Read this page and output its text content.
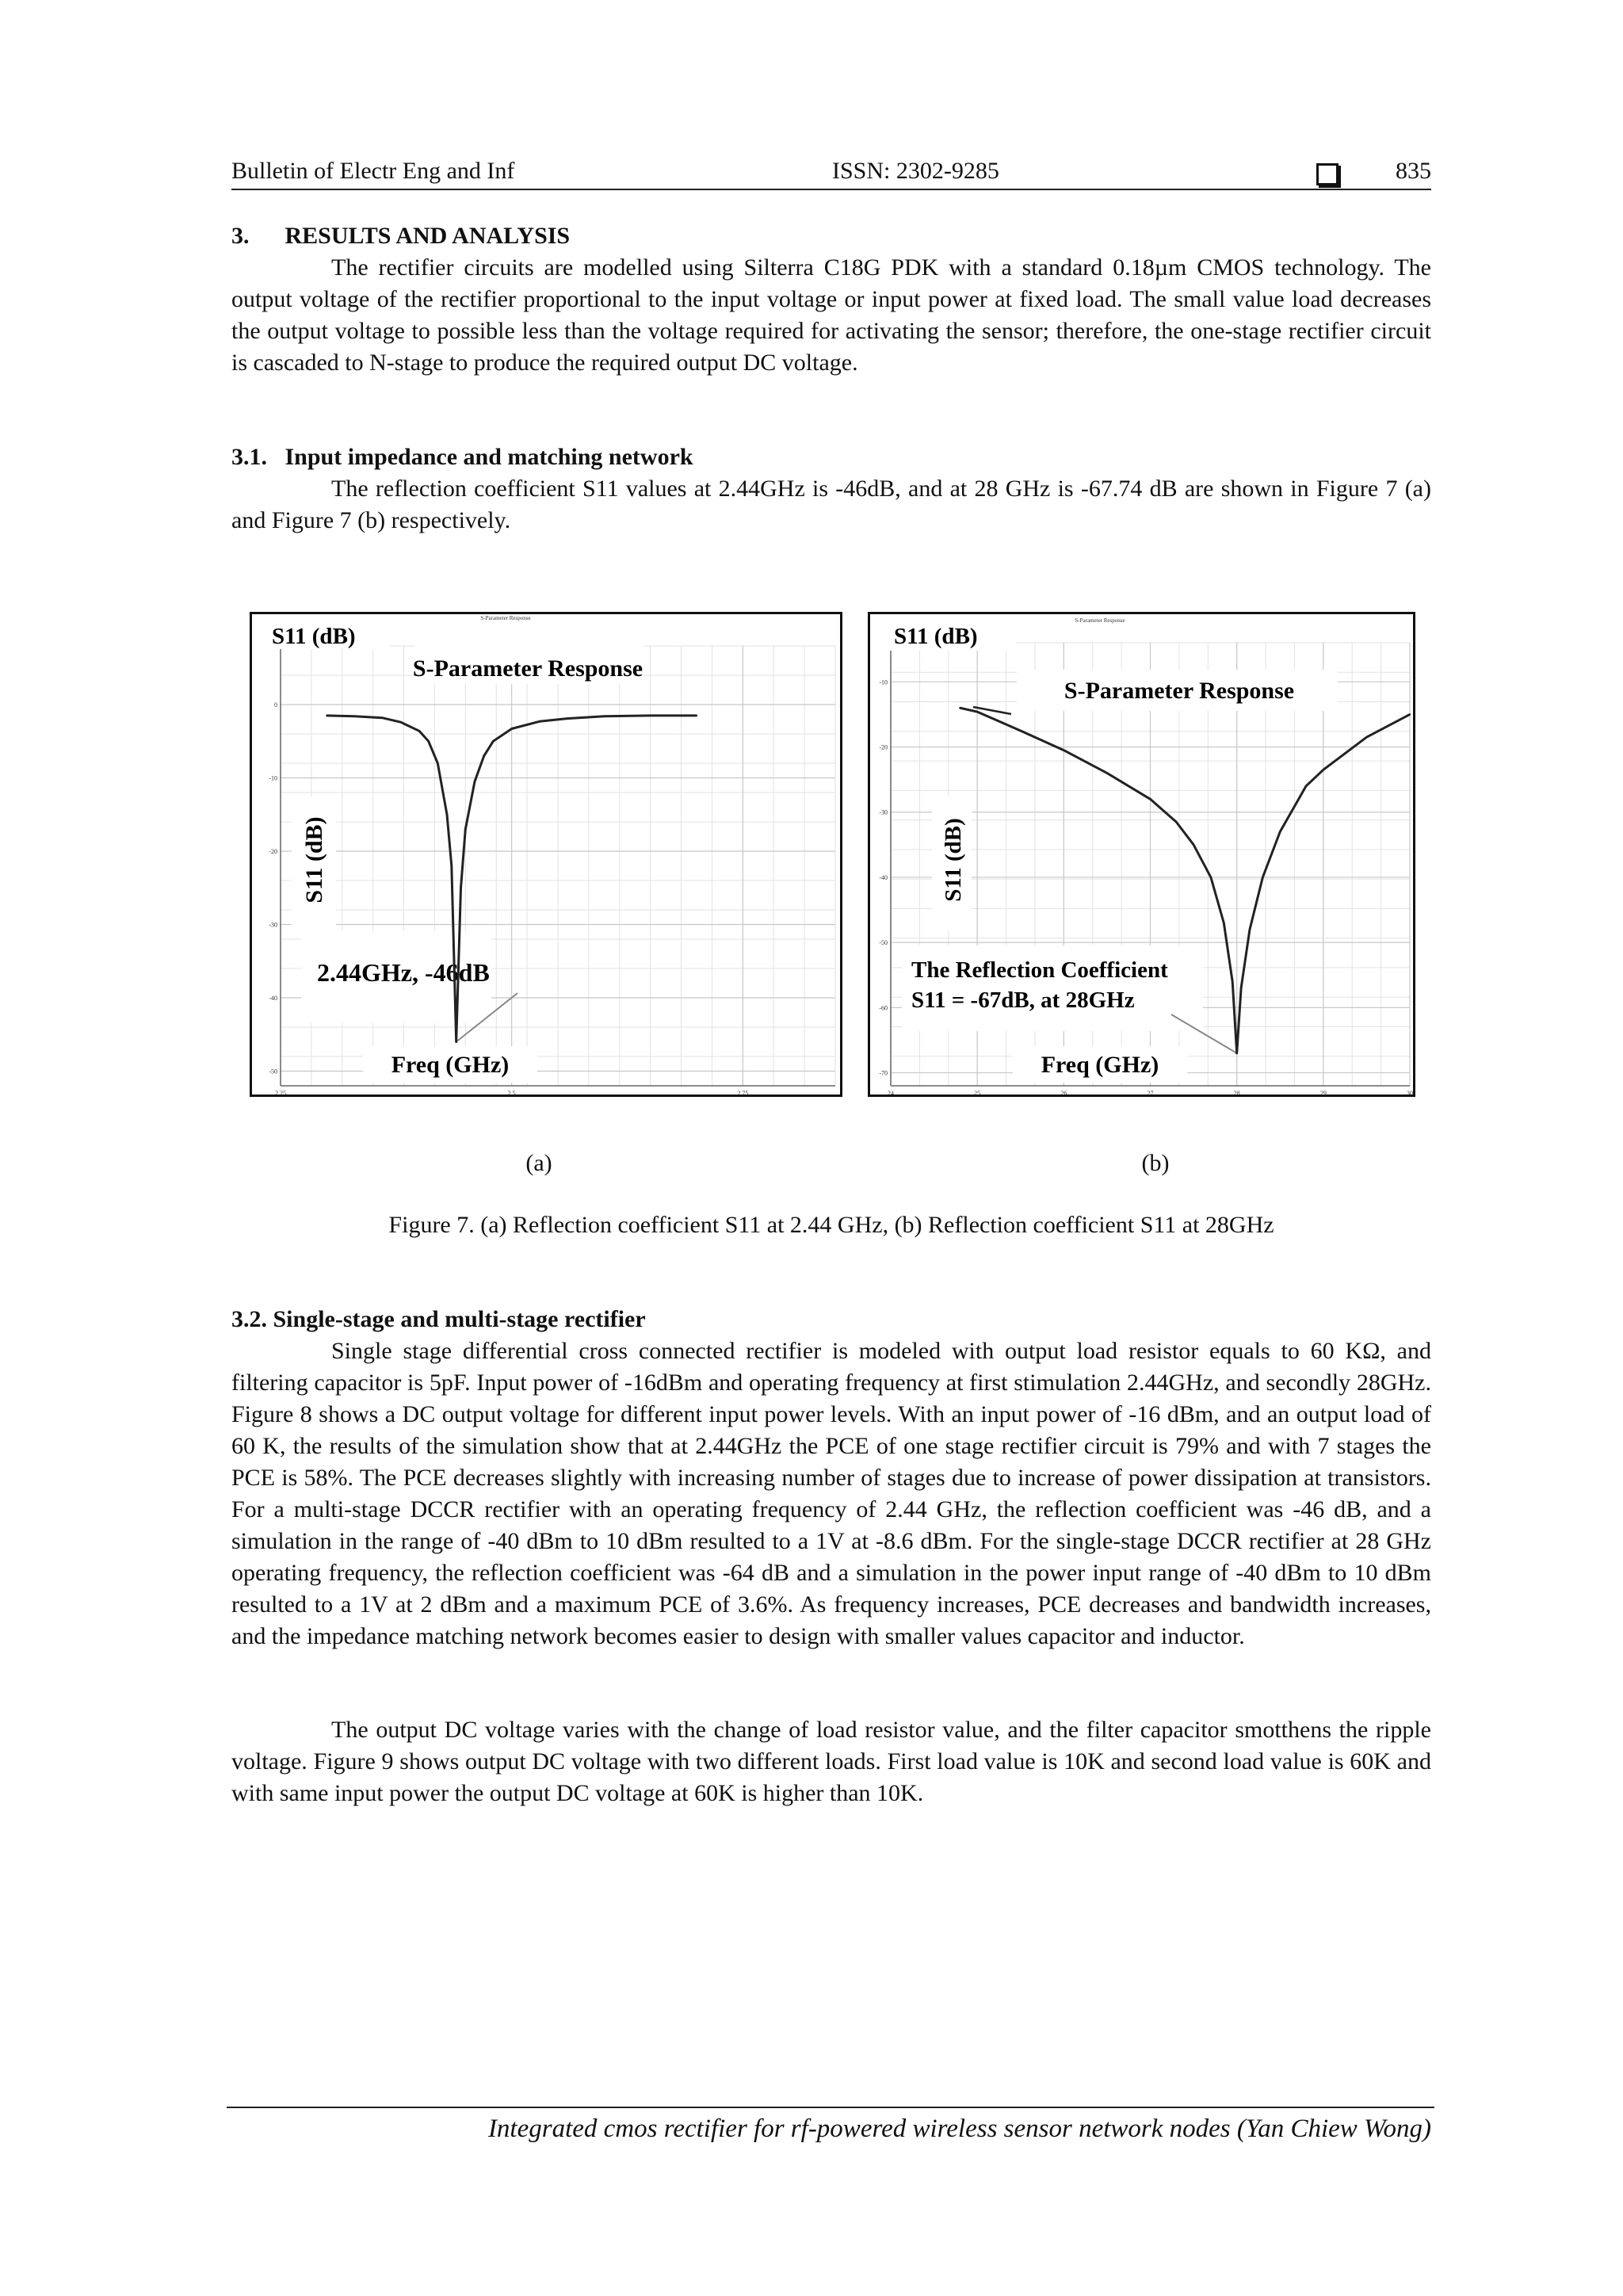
Bulletin of Electr Eng and Inf	ISSN: 2302-9285	835
3.  RESULTS AND ANALYSIS
The rectifier circuits are modelled using Silterra C18G PDK with a standard 0.18µm CMOS technology. The output voltage of the rectifier proportional to the input voltage or input power at fixed load. The small value load decreases the output voltage to possible less than the voltage required for activating the sensor; therefore, the one-stage rectifier circuit is cascaded to N-stage to produce the required output DC voltage.
3.1.  Input impedance and matching network
The reflection coefficient S11 values at 2.44GHz is -46dB, and at 28 GHz is -67.74 dB are shown in Figure 7 (a) and Figure 7 (b) respectively.
0
-10
-20
-30
-40
-50
2.25	2.5	2.75
S-Parameter Response
S-Parameter Response
S11 (dB)
S11 (dB)
2.44GHz, -46dB
Freq (GHz)
-10
-20
-30
-40
-50
-60
-70
24	25	26	27	28	29	30
S-Parameter Response
S11 (dB)
S-Parameter Response
S11 (dB)
The Reflection Coefficient
S11 = -67dB, at 28GHz
Freq (GHz)
(a)	(b)
Figure 7. (a) Reflection coefficient S11 at 2.44 GHz, (b) Reflection coefficient S11 at 28GHz
3.2. Single-stage and multi-stage rectifier
Single stage differential cross connected rectifier is modeled with output load resistor equals to 60 KΩ, and filtering capacitor is 5pF. Input power of -16dBm and operating frequency at first stimulation 2.44GHz, and secondly 28GHz. Figure 8 shows a DC output voltage for different input power levels. With an input power of -16 dBm, and an output load of 60 K, the results of the simulation show that at 2.44GHz the PCE of one stage rectifier circuit is 79% and with 7 stages the PCE is 58%. The PCE decreases slightly with increasing number of stages due to increase of power dissipation at transistors. For a multi-stage DCCR rectifier with an operating frequency of 2.44 GHz, the reflection coefficient was -46 dB, and a simulation in the range of -40 dBm to 10 dBm resulted to a 1V at -8.6 dBm. For the single-stage DCCR rectifier at 28 GHz operating frequency, the reflection coefficient was -64 dB and a simulation in the power input range of -40 dBm to 10 dBm resulted to a 1V at 2 dBm and a maximum PCE of 3.6%. As frequency increases, PCE decreases and bandwidth increases, and the impedance matching network becomes easier to design with smaller values capacitor and inductor.
The output DC voltage varies with the change of load resistor value, and the filter capacitor smotthens the ripple voltage. Figure 9 shows output DC voltage with two different loads. First load value is 10K and second load value is 60K and with same input power the output DC voltage at 60K is higher than 10K.
Integrated cmos rectifier for rf-powered wireless sensor network nodes (Yan Chiew Wong)
